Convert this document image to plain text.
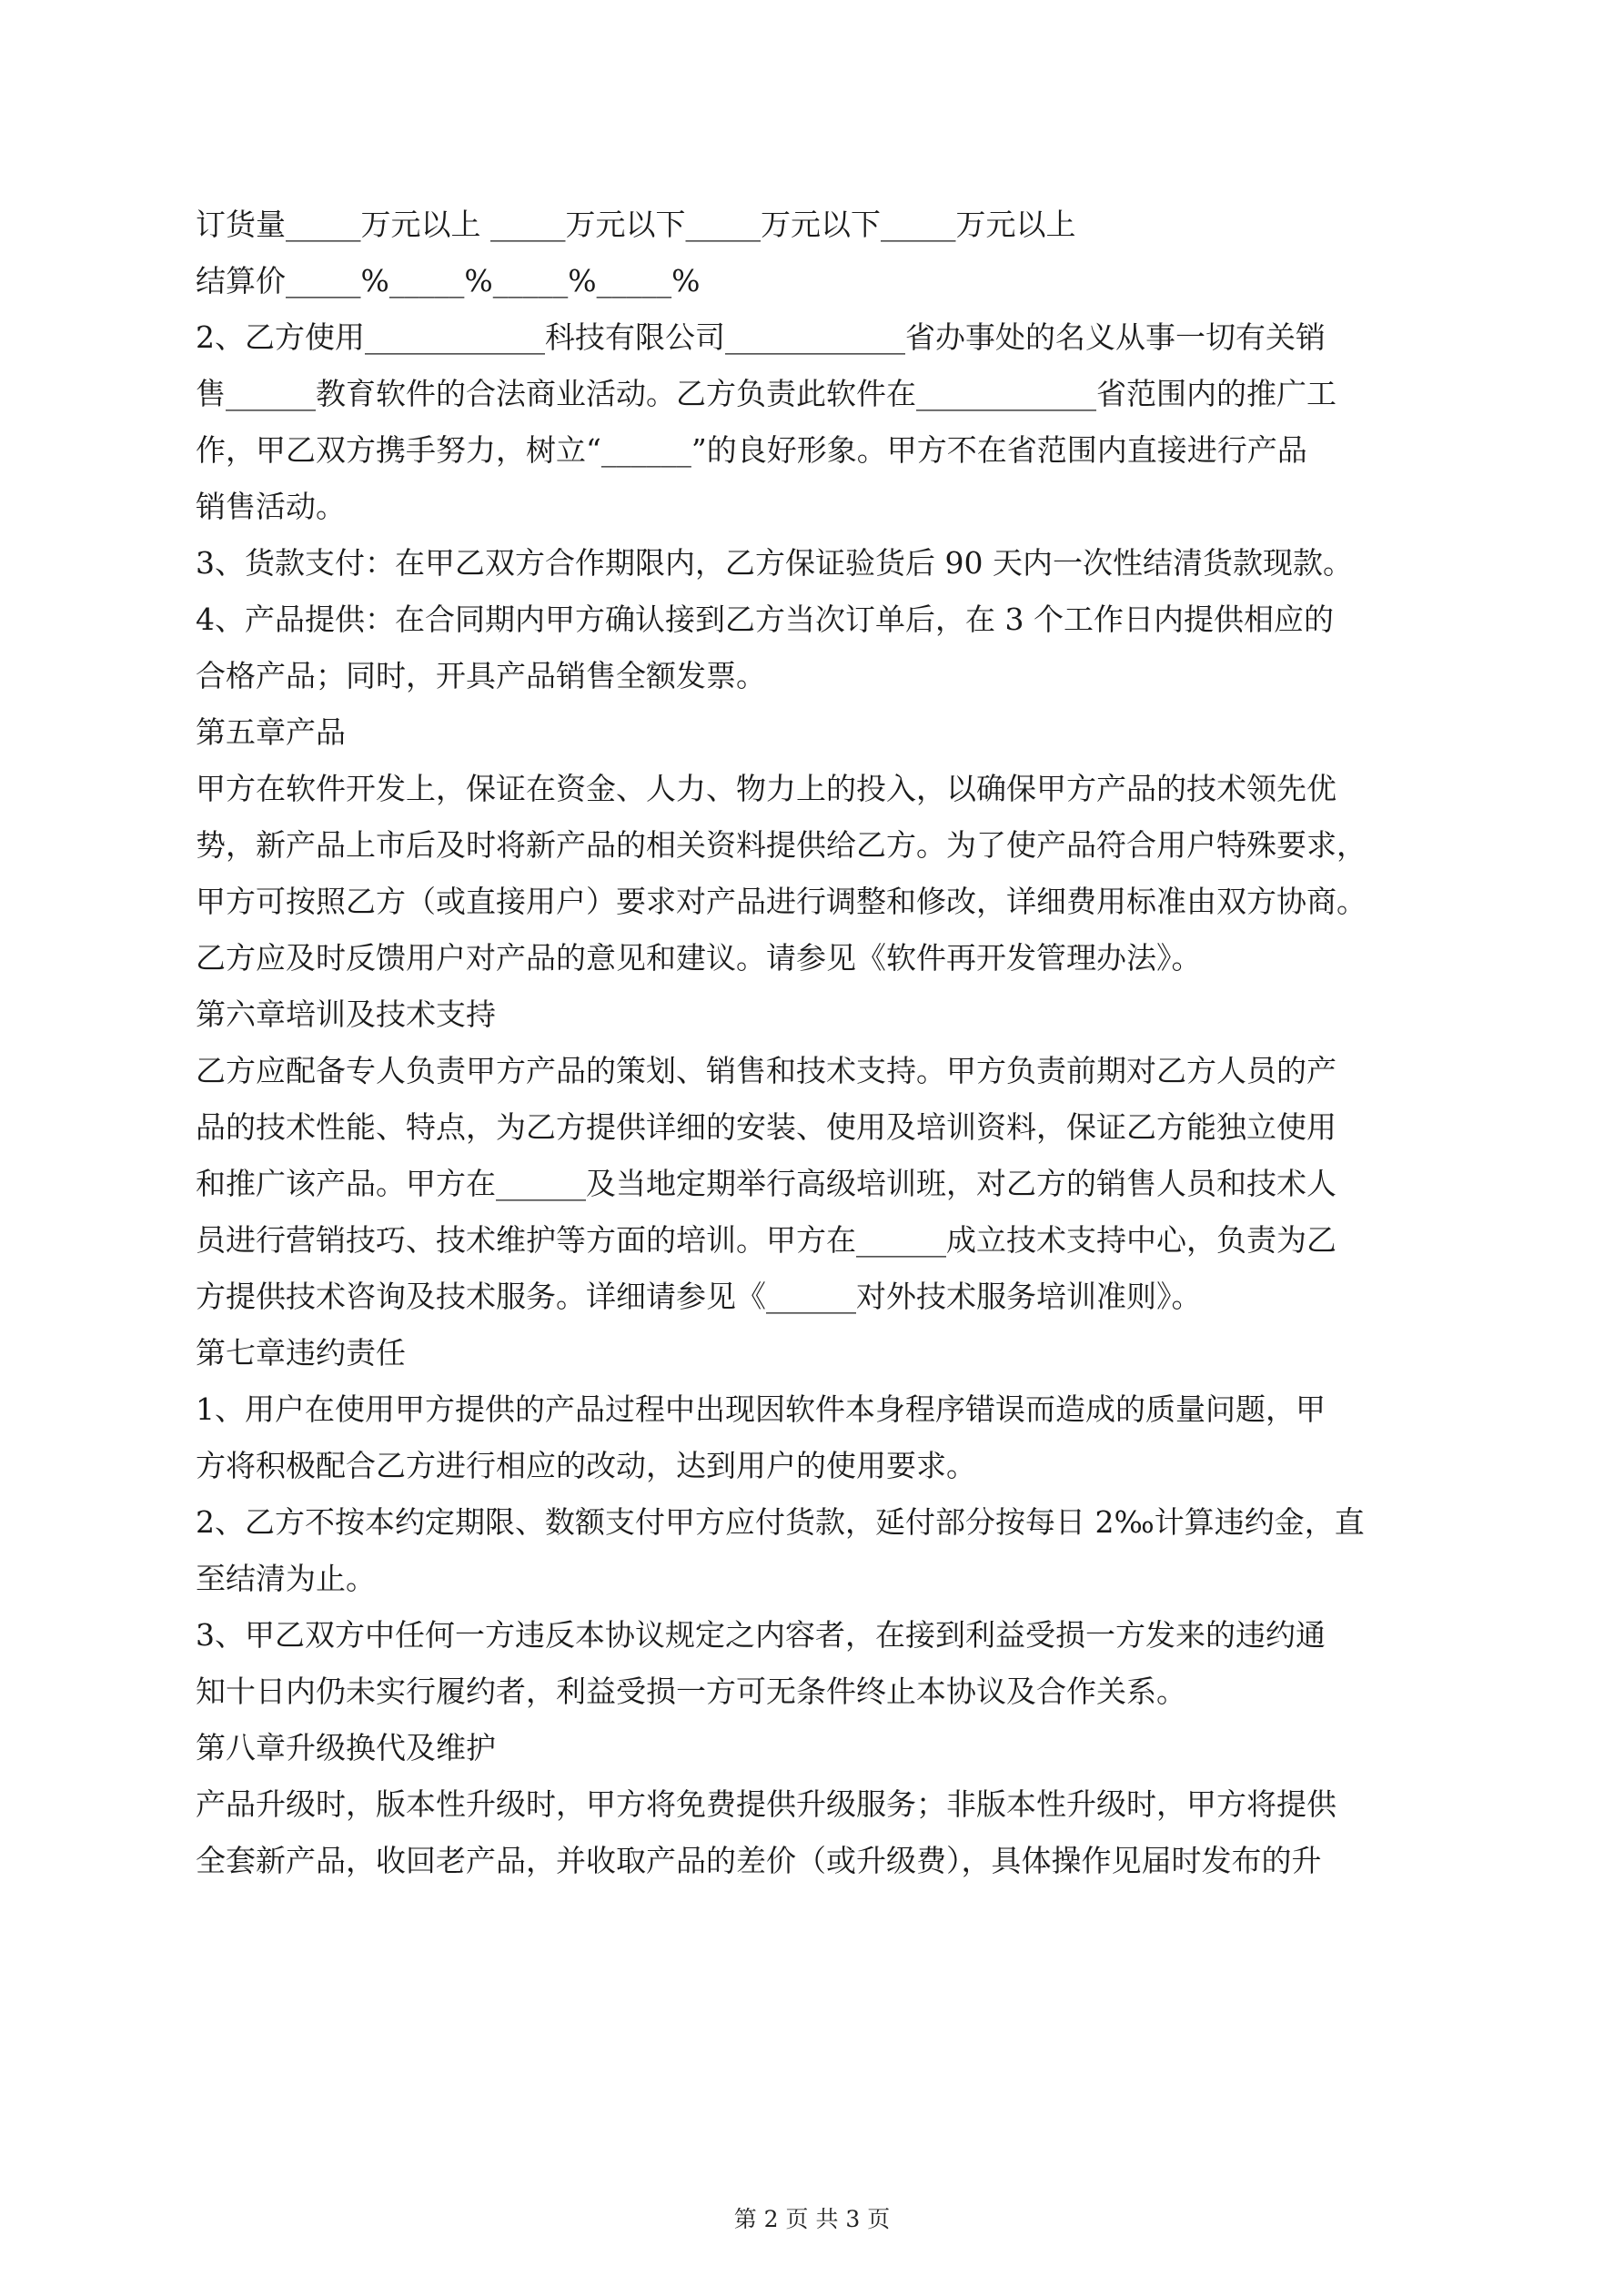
订货量_____万元以上 _____万元以下_____万元以下_____万元以上
结算价_____%_____%_____%_____%
2、乙方使用____________科技有限公司____________省办事处的名义从事一切有关销
售______教育软件的合法商业活动。乙方负责此软件在____________省范围内的推广工
作，甲乙双方携手努力，树立“______”的良好形象。甲方不在省范围内直接进行产品
销售活动。
3、货款支付：在甲乙双方合作期限内，乙方保证验货后 90 天内一次性结清货款现款。
4、产品提供：在合同期内甲方确认接到乙方当次订单后，在 3 个工作日内提供相应的
合格产品；同时，开具产品销售全额发票。
第五章产品
甲方在软件开发上，保证在资金、人力、物力上的投入，以确保甲方产品的技术领先优
势，新产品上市后及时将新产品的相关资料提供给乙方。为了使产品符合用户特殊要求，
甲方可按照乙方（或直接用户）要求对产品进行调整和修改，详细费用标准由双方协商。
乙方应及时反馈用户对产品的意见和建议。请参见《软件再开发管理办法》。
第六章培训及技术支持
乙方应配备专人负责甲方产品的策划、销售和技术支持。甲方负责前期对乙方人员的产
品的技术性能、特点，为乙方提供详细的安装、使用及培训资料，保证乙方能独立使用
和推广该产品。甲方在______及当地定期举行高级培训班，对乙方的销售人员和技术人
员进行营销技巧、技术维护等方面的培训。甲方在______成立技术支持中心，负责为乙
方提供技术咨询及技术服务。详细请参见《______对外技术服务培训准则》。
第七章违约责任
1、用户在使用甲方提供的产品过程中出现因软件本身程序错误而造成的质量问题，甲
方将积极配合乙方进行相应的改动，达到用户的使用要求。
2、乙方不按本约定期限、数额支付甲方应付货款，延付部分按每日 2‰计算违约金，直
至结清为止。
3、甲乙双方中任何一方违反本协议规定之内容者，在接到利益受损一方发来的违约通
知十日内仍未实行履约者，利益受损一方可无条件终止本协议及合作关系。
第八章升级换代及维护
产品升级时，版本性升级时，甲方将免费提供升级服务；非版本性升级时，甲方将提供
全套新产品，收回老产品，并收取产品的差价（或升级费），具体操作见届时发布的升
第 2 页 共 3 页
